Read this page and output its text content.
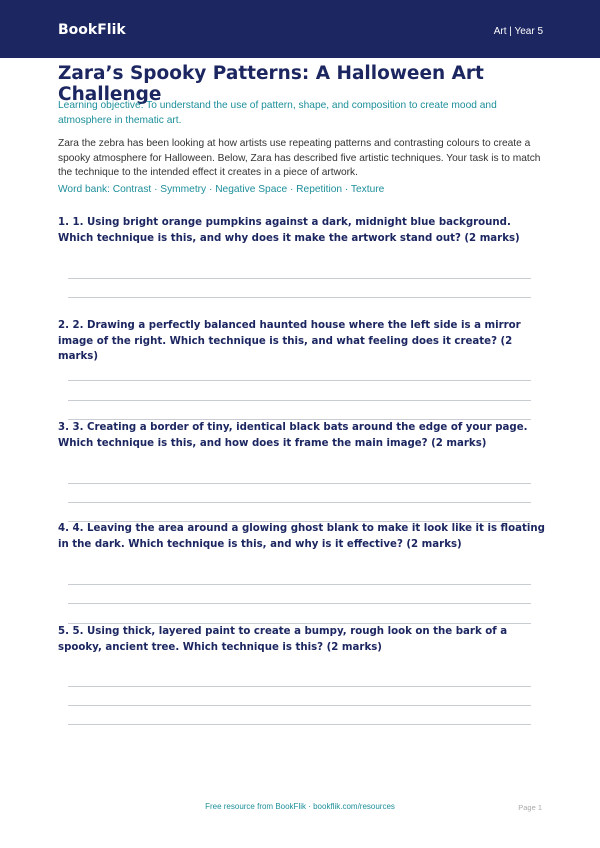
BookFlik	Art | Year 5
Zara’s Spooky Patterns: A Halloween Art Challenge
Learning objective: To understand the use of pattern, shape, and composition to create mood and atmosphere in thematic art.
Zara the zebra has been looking at how artists use repeating patterns and contrasting colours to create a spooky atmosphere for Halloween. Below, Zara has described five artistic techniques. Your task is to match the technique to the intended effect it creates in a piece of artwork.
Word bank: Contrast · Symmetry · Negative Space · Repetition · Texture
1. 1. Using bright orange pumpkins against a dark, midnight blue background. Which technique is this, and why does it make the artwork stand out? (2 marks)
2. 2. Drawing a perfectly balanced haunted house where the left side is a mirror image of the right. Which technique is this, and what feeling does it create? (2 marks)
3. 3. Creating a border of tiny, identical black bats around the edge of your page. Which technique is this, and how does it frame the main image? (2 marks)
4. 4. Leaving the area around a glowing ghost blank to make it look like it is floating in the dark. Which technique is this, and why is it effective? (2 marks)
5. 5. Using thick, layered paint to create a bumpy, rough look on the bark of a spooky, ancient tree. Which technique is this? (2 marks)
Free resource from BookFlik · bookflik.com/resources	Page 1
